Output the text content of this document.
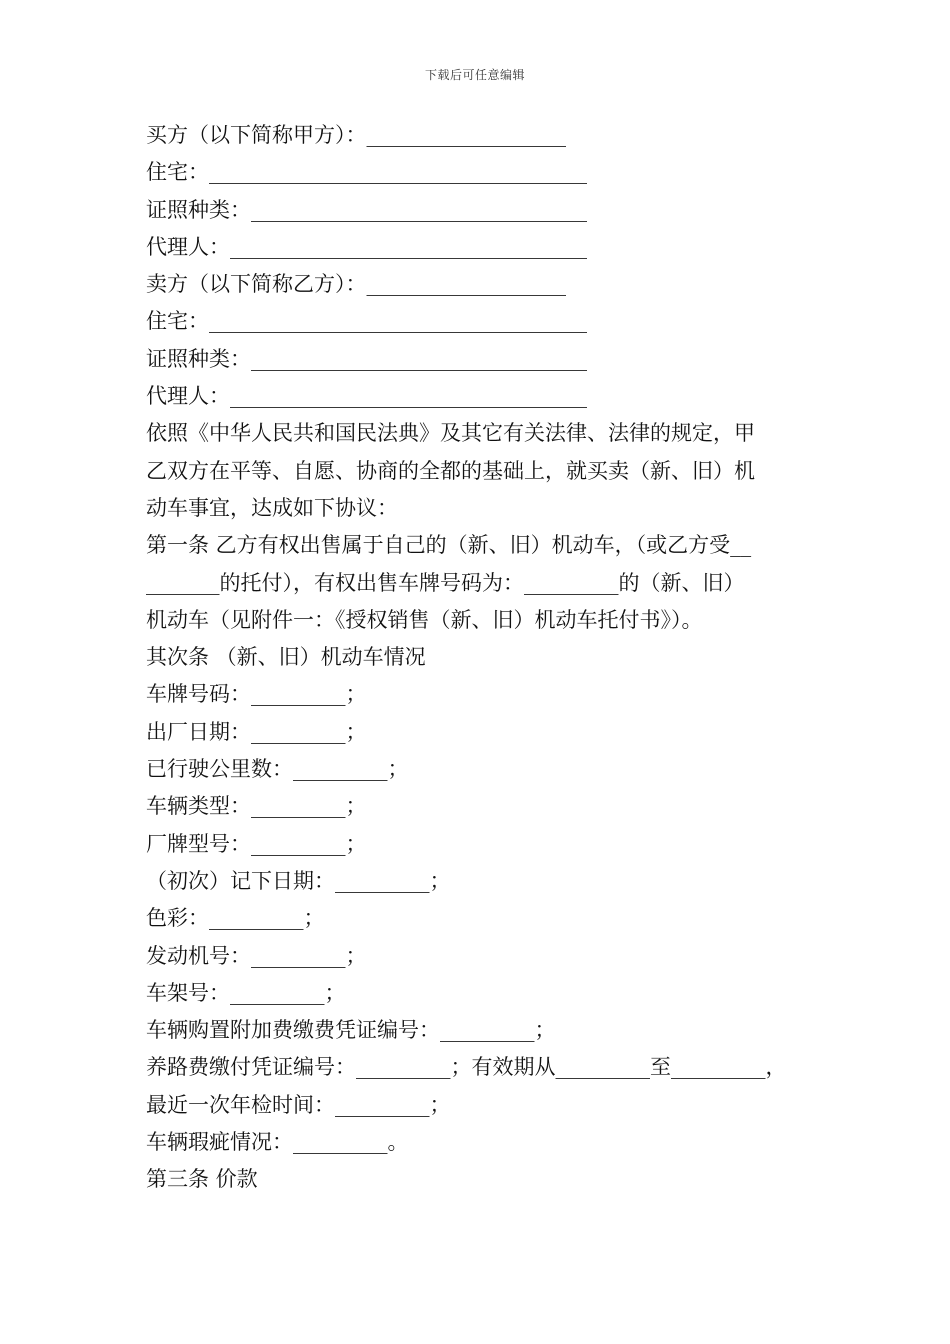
下载后可任意编辑
买方（以下简称甲方）：___________________
住宅：____________________________________
证照种类：________________________________
代理人：__________________________________
卖方（以下简称乙方）：___________________
住宅：____________________________________
证照种类：________________________________
代理人：__________________________________
依照《中华人民共和国民法典》及其它有关法律、法律的规定，甲
乙双方在平等、自愿、协商的全都的基础上，就买卖（新、旧）机
动车事宜，达成如下协议：
第一条 乙方有权出售属于自己的（新、旧）机动车，（或乙方受__
_______的托付），有权出售车牌号码为：_________的（新、旧）
机动车（见附件一：《授权销售（新、旧）机动车托付书》）。
其次条 （新、旧）机动车情况
车牌号码：_________；
出厂日期：_________；
已行驶公里数：_________；
车辆类型：_________；
厂牌型号：_________；
（初次）记下日期：_________；
色彩：_________；
发动机号：_________；
车架号：_________；
车辆购置附加费缴费凭证编号：_________；
养路费缴付凭证编号：_________；有效期从_________至_________，
最近一次年检时间：_________；
车辆瑕疵情况：_________。
第三条 价款
